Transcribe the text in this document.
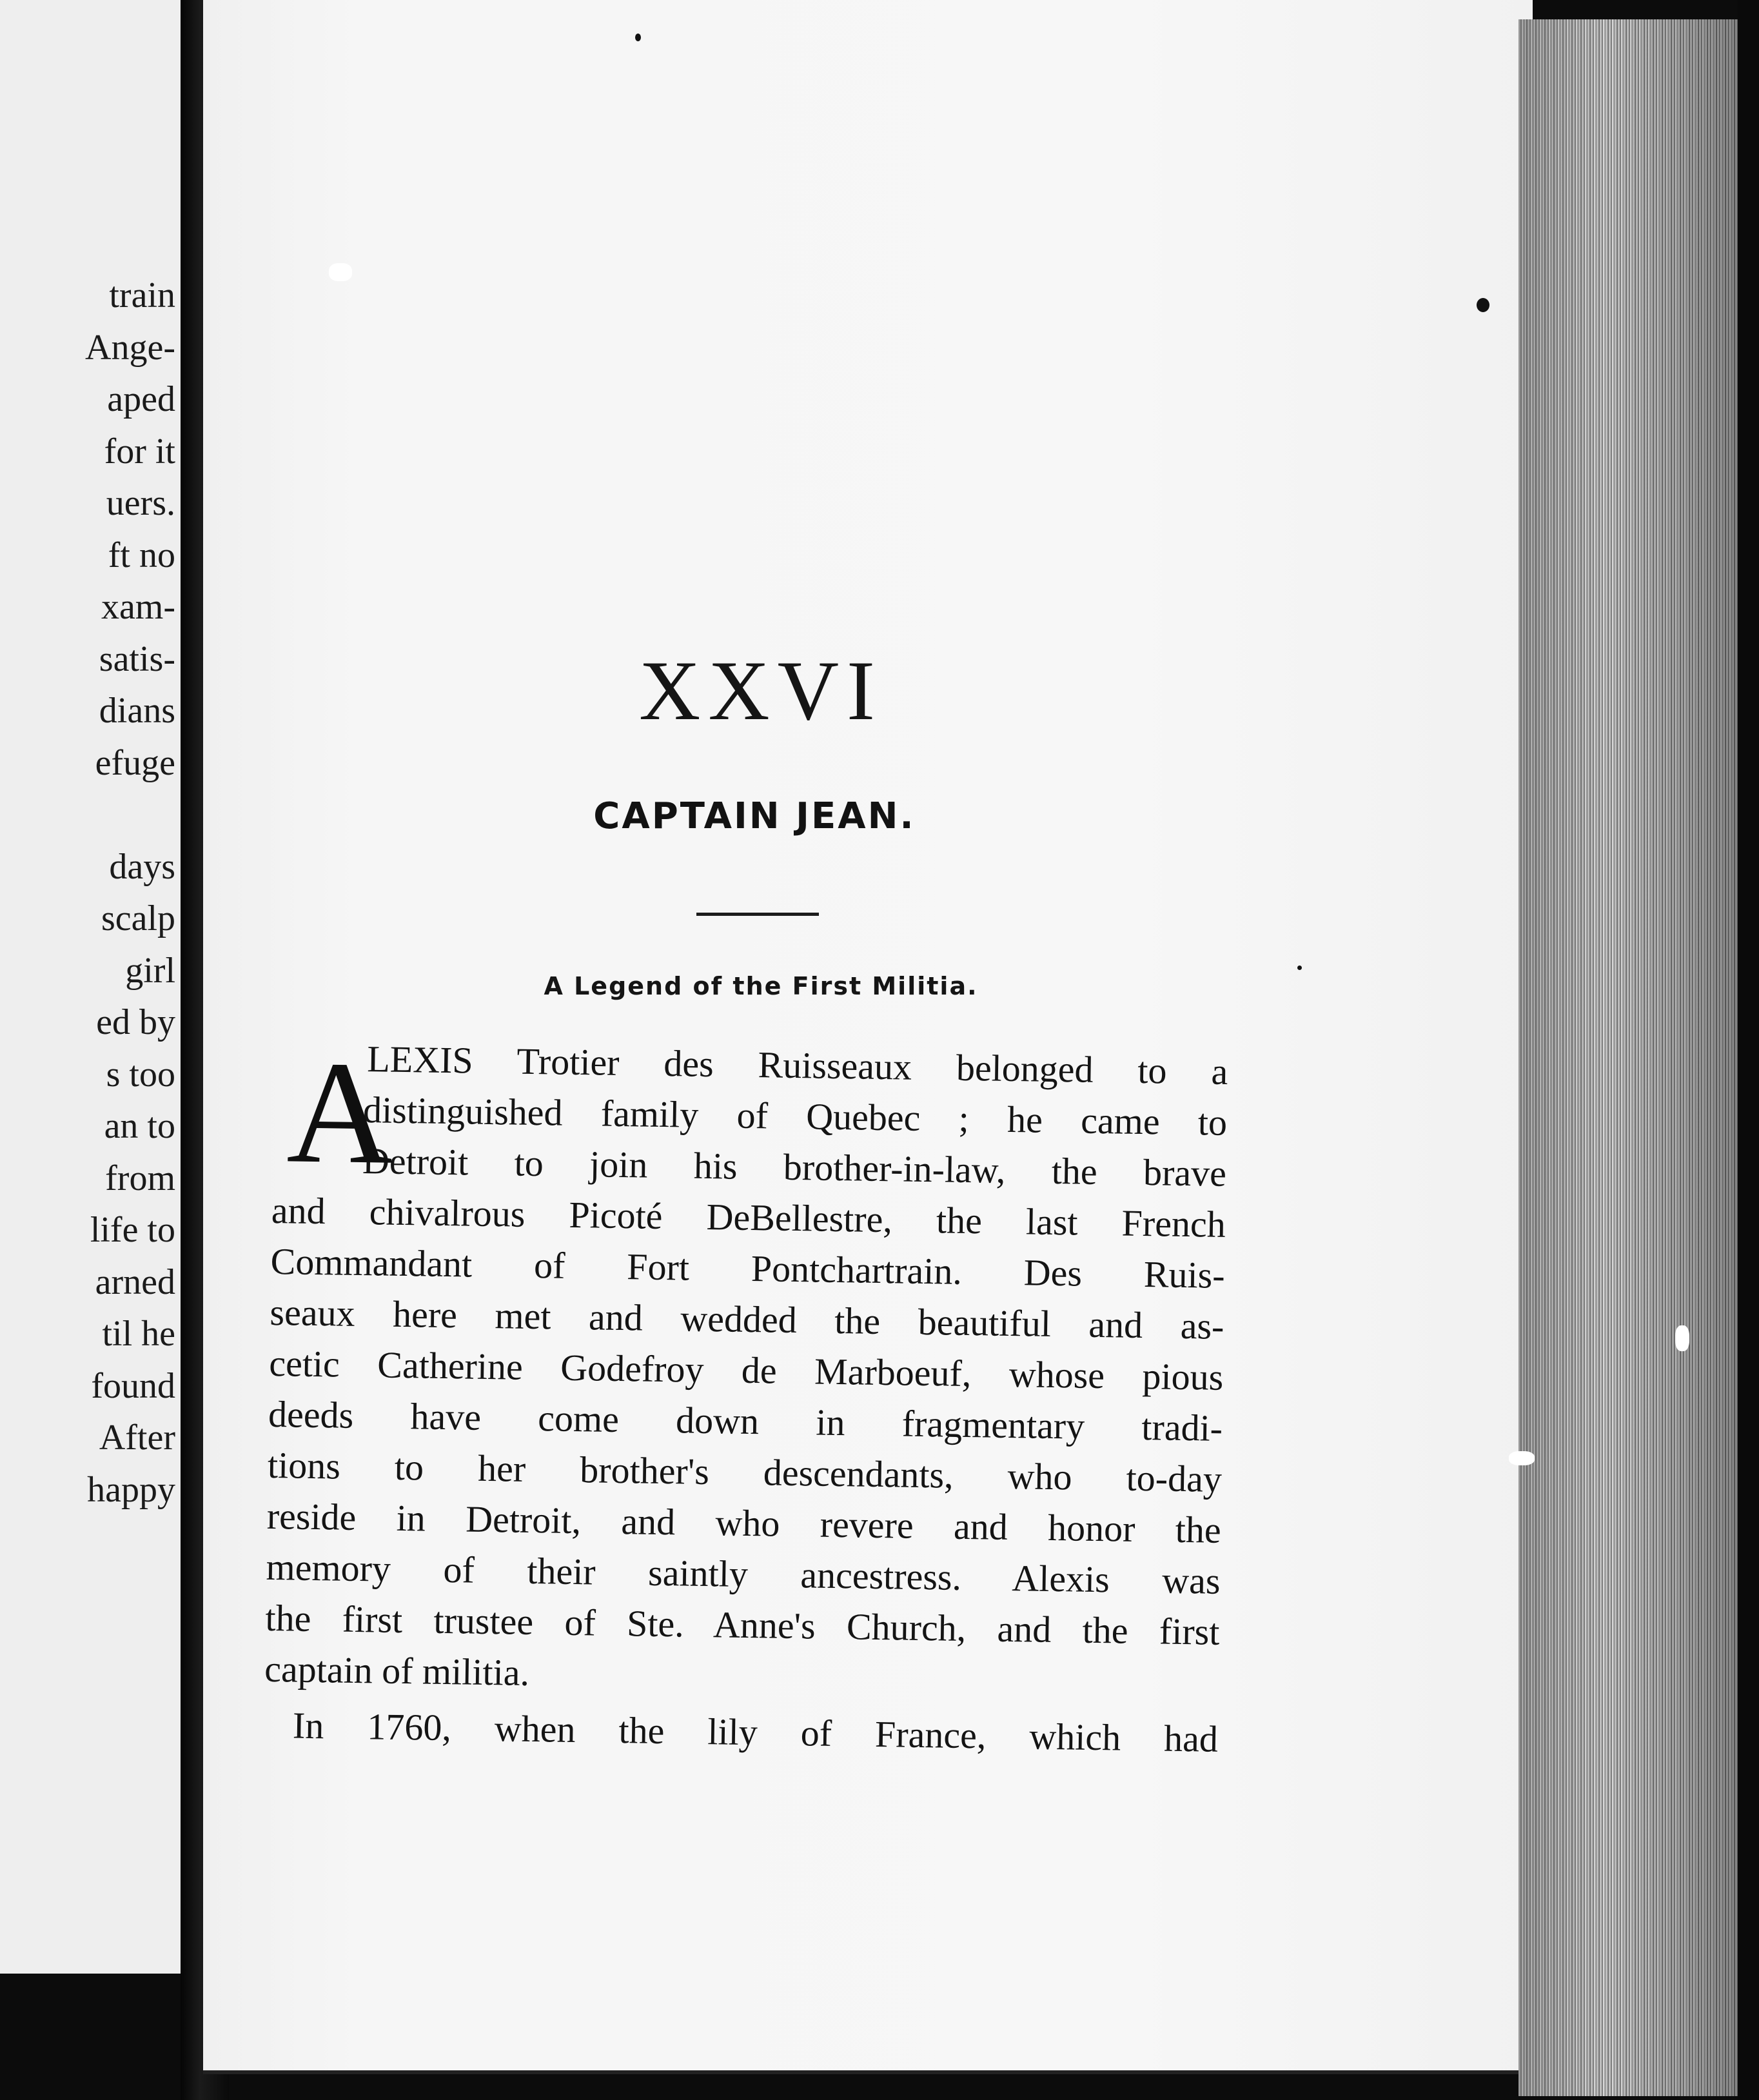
train
Ange-
aped
for it
uers.
ft no
xam-
satis-
dians
efuge
days
scalp
girl
ed by
s too
an to
from
life to
arned
til he
found
After
happy
XXVI
CAPTAIN JEAN.
A Legend of the First Militia.
A
LEXIS Trotier des Ruisseaux belonged to a
distinguished family of Quebec ; he came to
Detroit to join his brother-in-law, the brave
and chivalrous Picoté DeBellestre, the last French
Commandant of Fort Pontchartrain. Des Ruis-
seaux here met and wedded the beautiful and as-
cetic Catherine Godefroy de Marboeuf, whose pious
deeds have come down in fragmentary tradi-
tions to her brother's descendants, who to-day
reside in Detroit, and who revere and honor the
memory of their saintly ancestress. Alexis was
the first trustee of Ste. Anne's Church, and the first
captain of militia.
In 1760, when the lily of France, which had
